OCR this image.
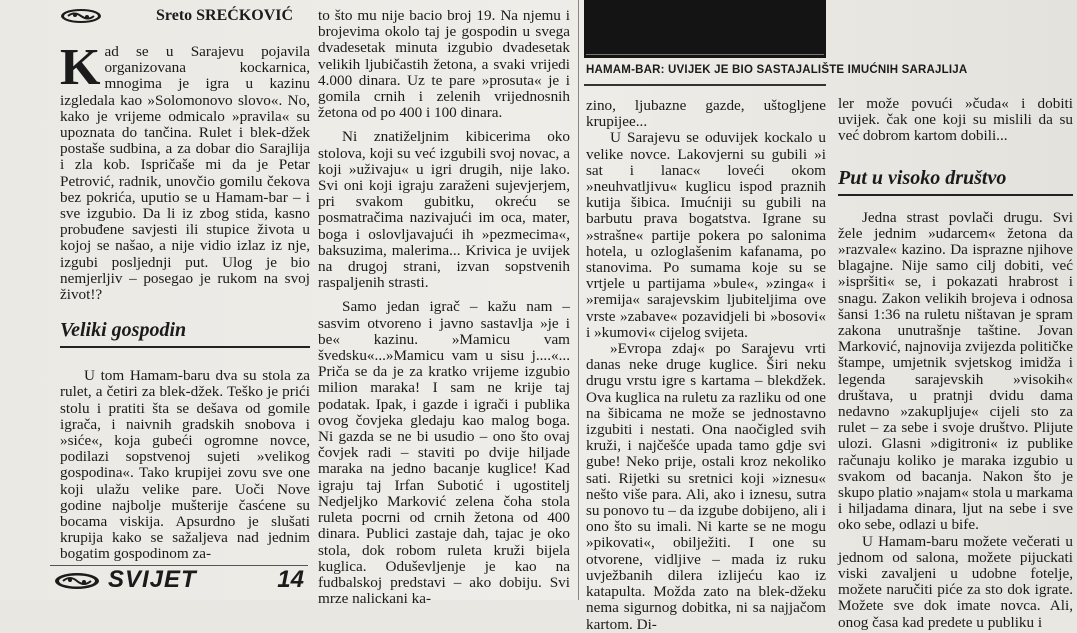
Sreto SREĆKOVIĆ

Kad se u Sarajevu pojavila organizovana kockarnica, mnogima je igra u kazinu izgledala kao »Solomonovo slovo«. No, kako je vrijeme odmicalo »pravila« su upoznata do tančina. Rulet i blek-džek postaše sudbina, a za dobar dio Sarajlija i zla kob. Ispričaše mi da je Petar Petrović, radnik, unovčio gomilu čekova bez pokrića, uputio se u Hamam-bar – i sve izgubio. Da li iz zbog stida, kasno probuđene savjesti ili stupice života u kojoj se našao, a nije vidio izlaz iz nje, izgubi posljednji put. Ulog je bio nemjerljiv – posegao je rukom na svoj život!?

Veliki gospodin

U tom Hamam-baru dva su stola za rulet, a četiri za blek-džek. Teško je prići stolu i pratiti šta se dešava od gomile igrača, i naivnih gradskih snobova i »siće«, koja gubeći ogromne novce, podilazi sopstvenoj sujeti »velikog gospodina«. Tako krupijei zovu sve one koji ulažu velike pare. Uoči Nove godine najbolje mušterije časćene su bocama viskija. Apsurdno je slušati krupija kako se sažaljeva nad jednim bogatim gospodinom za-

SVIJET	14

to što mu nije bacio broj 19. Na njemu i brojevima okolo taj je gospodin u svega dvadesetak minuta izgubio dvadesetak velikih ljubičastih žetona, a svaki vrijedi 4.000 dinara. Uz te pare »prosuta« je i gomila crnih i zelenih vrijednosnih žetona od po 400 i 100 dinara.

Ni znatiželjnim kibicerima oko stolova, koji su već izgubili svoj novac, a koji »uživaju« u igri drugih, nije lako. Svi oni koji igraju zaraženi sujevjerjem, pri svakom gubitku, okreću se posmatračima nazivajući im oca, mater, boga i oslovljavajući ih »pezmecima«, baksuzima, malerima... Krivica je uvijek na drugoj strani, izvan sopstvenih raspaljenih strasti.

Samo jedan igrač – kažu nam – sasvim otvoreno i javno sastavlja »je i be« kazinu. »Mamicu vam švedsku«...»Mamicu vam u sisu j....«... Priča se da je za kratko vrijeme izgubio milion maraka! I sam ne krije taj podatak. Ipak, i gazde i igrači i publika ovog čovjeka gledaju kao malog boga. Ni gazda se ne bi usudio – ono što ovaj čovjek radi – staviti po dvije hiljade maraka na jedno bacanje kuglice! Kad igraju taj Irfan Subotić i ugostitelj Nedjeljko Marković zelena čoha stola ruleta pocrni od crnih žetona od 400 dinara. Publici zastaje dah, tajac je oko stola, dok robom ruleta kruži bijela kuglica. Oduševljenje je kao na fudbalskoj predstavi – ako dobiju. Svi mrze nalickani ka-

HAMAM-BAR: UVIJEK JE BIO SASTAJALIŠTE IMUĆNIH SARAJLIJA

zino, ljubazne gazde, uštogljene krupijee...

U Sarajevu se oduvijek kockalo u velike novce. Lakovjerni su gubili »i sat i lanac« loveći okom »neuhvatljivu« kuglicu ispod praznih kutija šibica. Imućniji su gubili na barbutu prava bogatstva. Igrane su »strašne« partije pokera po salonima hotela, u ozloglašenim kafanama, po stanovima. Po sumama koje su se vrtjele u partijama »bule«, »zinga« i »remija« sarajevskim ljubiteljima ove vrste »zabave« pozavidjeli bi »bosovi« i »kumovi« cijelog svijeta.

»Evropa zdaj« po Sarajevu vrti danas neke druge kuglice. Širi neku drugu vrstu igre s kartama – blekdžek. Ova kuglica na ruletu za razliku od one na šibicama ne može se jednostavno izgubiti i nestati. Ona naočigled svih kruži, i najčešće upada tamo gdje svi gube! Neko prije, ostali kroz nekoliko sati. Rijetki su sretnici koji »iznesu« nešto više para. Ali, ako i iznesu, sutra su ponovo tu – da izgube dobijeno, ali i ono što su imali. Ni karte se ne mogu »pikovati«, obilježiti. I one su otvorene, vidljive – mada iz ruku uvježbanih dilera izlijeću kao iz katapulta. Možda zato na blek-džeku nema sigurnog dobitka, ni sa najjačom kartom. Di-

ler može povući »čuda« i dobiti uvijek. čak one koji su mislili da su već dobrom kartom dobili...

Put u visoko društvo

Jedna strast povlači drugu. Svi žele jednim »udarcem« žetona da »razvale« kazino. Da isprazne njihove blagajne. Nije samo cilj dobiti, već »ispršiti« se, i pokazati hrabrost i snagu. Zakon velikih brojeva i odnosa šansi 1:36 na ruletu ništavan je spram zakona unutrašnje taštine. Jovan Marković, najnovija zvijezda političke štampe, umjetnik svjetskog imidža i legenda sarajevskih »visokih« društava, u pratnji dvidu dama nedavno »zakupljuje« cijeli sto za rulet – za sebe i svoje društvo. Plijute ulozi. Glasni »digitroni« iz publike računaju koliko je maraka izgubio u svakom od bacanja. Nakon što je skupo platio »najam« stola u markama i hiljadama dinara, ljut na sebe i sve oko sebe, odlazi u bife.

U Hamam-baru možete večerati u jednom od salona, možete pijuckati viski zavaljeni u udobne fotelje, možete naručiti piće za sto dok igrate. Možete sve dok imate novca. Ali, onog časa kad predete u publiku i
